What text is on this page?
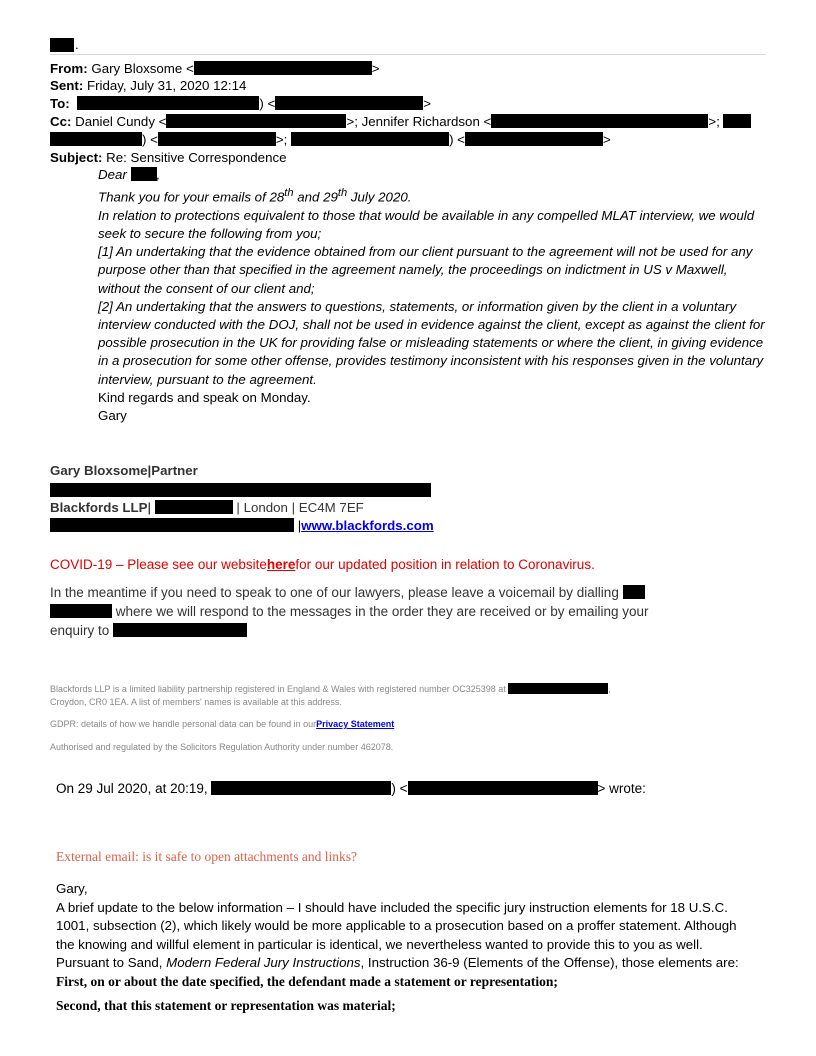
.
From: Gary Bloxsome <	>
Sent: Friday, July 31, 2020 12:14
To:	) <	>
Cc: Daniel Cundy <	>; Jennifer Richardson <	>;
) <	>;	) <	>
Subject: Re: Sensitive Correspondence

Dear ,

Thank you for your emails of 28th and 29th July 2020.

In relation to protections equivalent to those that would be available in any compelled MLAT interview, we would seek to secure the following from you;

[1] An undertaking that the evidence obtained from our client pursuant to the agreement will not be used for any purpose other than that specified in the agreement namely, the proceedings on indictment in US v Maxwell, without the consent of our client and;

[2] An undertaking that the answers to questions, statements, or information given by the client in a voluntary interview conducted with the DOJ, shall not be used in evidence against the client, except as against the client for possible prosecution in the UK for providing false or misleading statements or where the client, in giving evidence in a prosecution for some other offense, provides testimony inconsistent with his responses given in the voluntary interview, pursuant to the agreement.

Kind regards and speak on Monday.

Gary

Gary Bloxsome|Partner
Blackfords LLP|	| London | EC4M 7EF
|www.blackfords.com
COVID-19 – Please see our websiteherefor our updated position in relation to Coronavirus.
In the meantime if you need to speak to one of our lawyers, please leave a voicemail by dialling
where we will respond to the messages in the order they are received or by emailing your
enquiry to
Blackfords LLP is a limited liability partnership registered in England & Wales with registered number OC325398 at	,
Croydon, CR0 1EA. A list of members' names is available at this address.
GDPR: details of how we handle personal data can be found in ourPrivacy Statement
Authorised and regulated by the Solicitors Regulation Authority under number 462078.
On 29 Jul 2020, at 20:19,	) <	> wrote:
External email: is it safe to open attachments and links?

Gary,

A brief update to the below information – I should have included the specific jury instruction elements for 18 U.S.C. 1001, subsection (2), which likely would be more applicable to a prosecution based on a proffer statement. Although the knowing and willful element in particular is identical, we nevertheless wanted to provide this to you as well.

Pursuant to Sand, Modern Federal Jury Instructions, Instruction 36-9 (Elements of the Offense), those elements are:

First, on or about the date specified, the defendant made a statement or representation;

Second, that this statement or representation was material;
